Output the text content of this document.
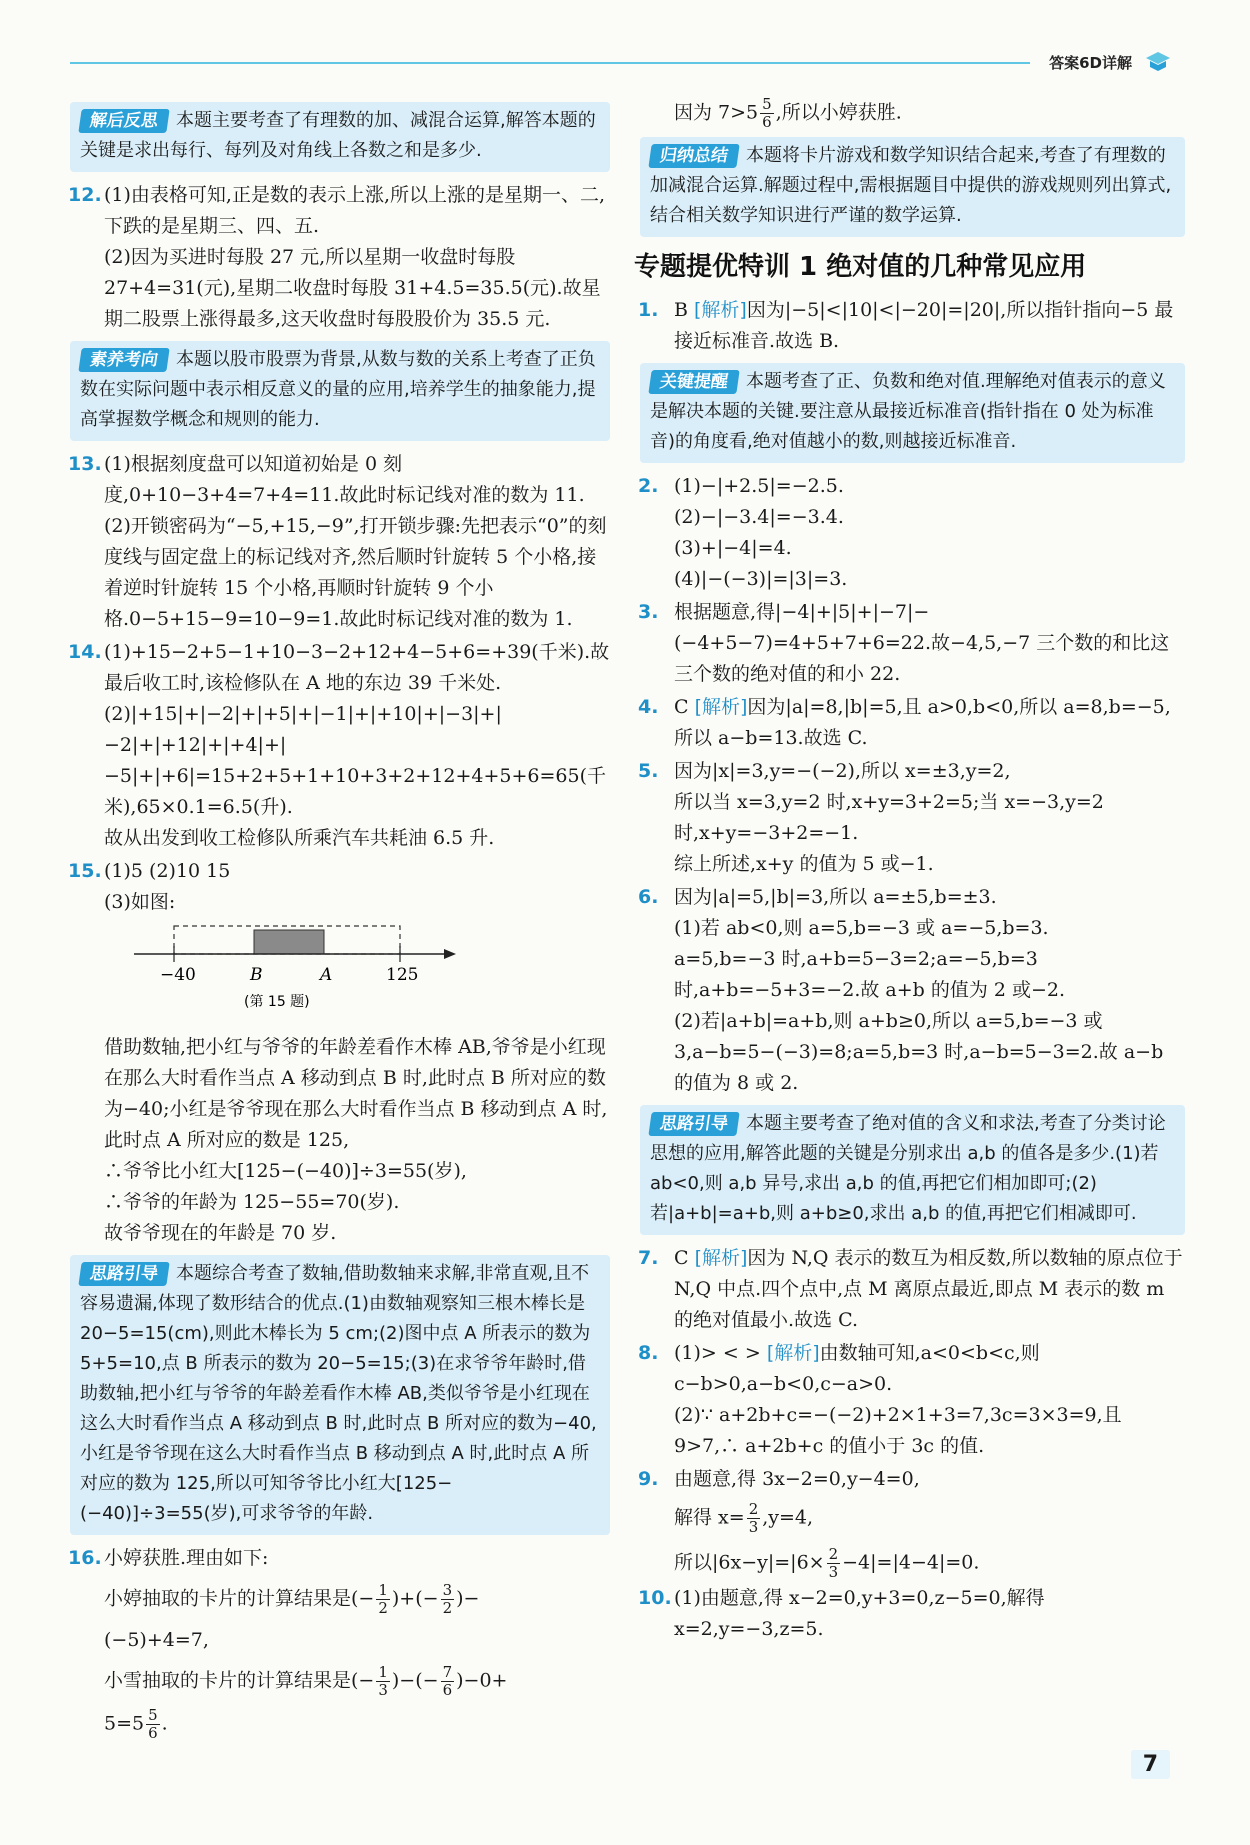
答案6D详解
解后反思 本题主要考查了有理数的加、减混合运算,解答本题的关键是求出每行、每列及对角线上各数之和是多少.
12. (1)由表格可知,正是数的表示上涨,所以上涨的是星期一、二,下跌的是星期三、四、五.
(2)因为买进时每股 27 元,所以星期一收盘时每股 27+4=31(元),星期二收盘时每股 31+4.5=35.5(元).故星期二股票上涨得最多,这天收盘时每股股价为 35.5 元.
素养考向 本题以股市股票为背景,从数与数的关系上考查了正负数在实际问题中表示相反意义的量的应用,培养学生的抽象能力,提高掌握数学概念和规则的能力.
13. (1)根据刻度盘可以知道初始是 0 刻度,0+10−3+4=7+4=11.故此时标记线对准的数为 11.
(2)开锁密码为“−5,+15,−9”,打开锁步骤:先把表示“0”的刻度线与固定盘上的标记线对齐,然后顺时针旋转 5 个小格,接着逆时针旋转 15 个小格,再顺时针旋转 9 个小格.0−5+15−9=10−9=1.故此时标记线对准的数为 1.
14. (1)+15−2+5−1+10−3−2+12+4−5+6=+39(千米).故最后收工时,该检修队在 A 地的东边 39 千米处.
(2)|+15|+|−2|+|+5|+|−1|+|+10|+|−3|+|−2|+|+12|+|+4|+|−5|+|+6|=15+2+5+1+10+3+2+12+4+5+6=65(千米),65×0.1=6.5(升).
故从出发到收工检修队所乘汽车共耗油 6.5 升.
15. (1)5 (2)10 15
(3)如图:
−40	B	A	125
(第 15 题)
借助数轴,把小红与爷爷的年龄差看作木棒 AB,爷爷是小红现在那么大时看作当点 A 移动到点 B 时,此时点 B 所对应的数为−40;小红是爷爷现在那么大时看作当点 B 移动到点 A 时,此时点 A 所对应的数是 125,
∴爷爷比小红大[125−(−40)]÷3=55(岁),
∴爷爷的年龄为 125−55=70(岁).
故爷爷现在的年龄是 70 岁.
思路引导 本题综合考查了数轴,借助数轴来求解,非常直观,且不容易遗漏,体现了数形结合的优点.(1)由数轴观察知三根木棒长是 20−5=15(cm),则此木棒长为 5 cm;(2)图中点 A 所表示的数为 5+5=10,点 B 所表示的数为 20−5=15;(3)在求爷爷年龄时,借助数轴,把小红与爷爷的年龄差看作木棒 AB,类似爷爷是小红现在这么大时看作当点 A 移动到点 B 时,此时点 B 所对应的数为−40,小红是爷爷现在这么大时看作当点 B 移动到点 A 时,此时点 A 所对应的数为 125,所以可知爷爷比小红大[125−(−40)]÷3=55(岁),可求爷爷的年龄.
16. 小婷获胜.理由如下:
小婷抽取的卡片的计算结果是(− $\frac{1}{2}$ )+(− $\frac{3}{2}$ )−
(−5)+4=7,
小雪抽取的卡片的计算结果是(− $\frac{1}{3}$ )−(− $\frac{7}{6} )-0+$
$5=5 \frac{5}{6}$ .
因为 $7>5 \frac{5}{6}$ ,所以小婷获胜.
归纳总结 本题将卡片游戏和数学知识结合起来,考查了有理数的加减混合运算.解题过程中,需根据题目中提供的游戏规则列出算式,结合相关数学知识进行严谨的数学运算.
专题提优特训 1 绝对值的几种常见应用
1. B [解析]因为|−5|<|10|<|−20|=|20|,所以指针指向−5 最接近标准音.故选 B.
关键提醒 本题考查了正、负数和绝对值.理解绝对值表示的意义是解决本题的关键.要注意从最接近标准音(指针指在 0 处为标准音)的角度看,绝对值越小的数,则越接近标准音.
2. (1)−|+2.5|=−2.5.
(2)−|−3.4|=−3.4.
(3)+|−4|=4.
(4)|−(−3)|=|3|=3.
3. 根据题意,得|−4|+|5|+|−7|−(−4+5−7)=4+5+7+6=22.故−4,5,−7 三个数的和比这三个数的绝对值的和小 22.
4. C [解析]因为|a|=8,|b|=5,且 a>0,b<0,所以 a=8,b=−5,所以 a−b=13.故选 C.
5. 因为|x|=3,y=−(−2),所以 x=±3,y=2,
所以当 x=3,y=2 时,x+y=3+2=5;当 x=−3,y=2 时,x+y=−3+2=−1.
综上所述,x+y 的值为 5 或−1.
6. 因为|a|=5,|b|=3,所以 a=±5,b=±3.
(1)若 ab<0,则 a=5,b=−3 或 a=−5,b=3.
a=5,b=−3 时,a+b=5−3=2;a=−5,b=3 时,a+b=−5+3=−2.故 a+b 的值为 2 或−2.
(2)若|a+b|=a+b,则 a+b≥0,所以 a=5,b=−3 或 3,a−b=5−(−3)=8;a=5,b=3 时,a−b=5−3=2.故 a−b 的值为 8 或 2.
思路引导 本题主要考查了绝对值的含义和求法,考查了分类讨论思想的应用,解答此题的关键是分别求出 a,b 的值各是多少.(1)若 ab<0,则 a,b 异号,求出 a,b 的值,再把它们相加即可;(2)若|a+b|=a+b,则 a+b≥0,求出 a,b 的值,再把它们相减即可.
7. C [解析]因为 N,Q 表示的数互为相反数,所以数轴的原点位于 N,Q 中点.四个点中,点 M 离原点最近,即点 M 表示的数 m 的绝对值最小.故选 C.
8. (1)> < > [解析]由数轴可知,a<0<b<c,则 c−b>0,a−b<0,c−a>0.
(2)∵ a+2b+c=−(−2)+2×1+3=7,3c=3×3=9,且 9>7,∴ a+2b+c 的值小于 3c 的值.
9. 由题意,得 3x−2=0,y−4=0,
解得 $x= \frac{2}{3} ,y=4$,
所以$|6x-y|=|6\times \frac{2}{3} -4|=|4-4|=0$.
10. (1)由题意,得 x−2=0,y+3=0,z−5=0,解得 x=2,y=−3,z=5.
7
